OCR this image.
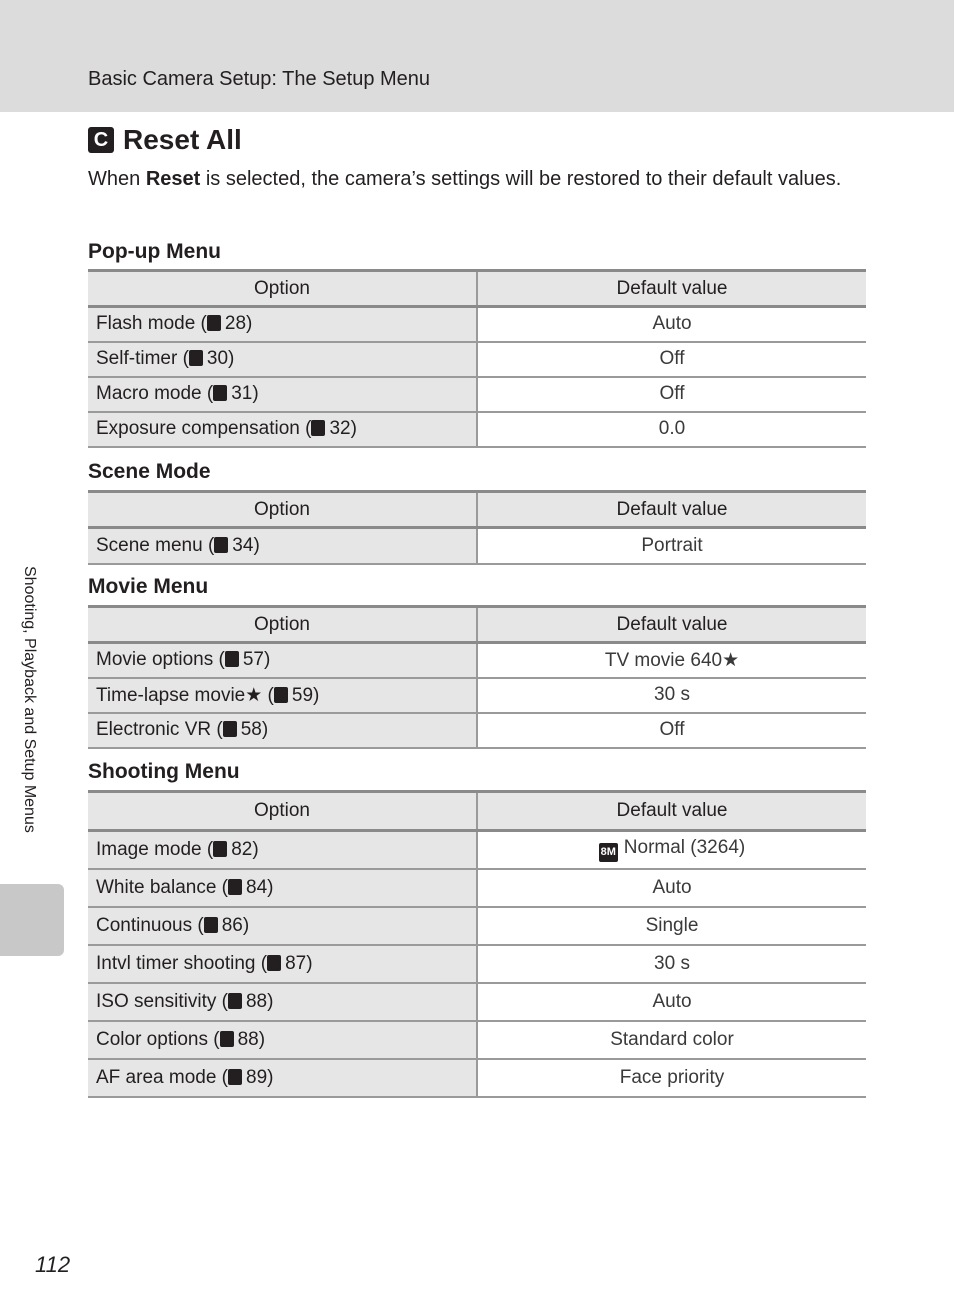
Basic Camera Setup: The Setup Menu
Shooting, Playback and Setup Menus
C Reset All
When Reset is selected, the camera’s settings will be restored to their default values.
Pop-up Menu
Option	Default value
Flash mode ( 28)	Auto
Self-timer ( 30)	Off
Macro mode ( 31)	Off
Exposure compensation ( 32)	0.0
Scene Mode
Option	Default value
Scene menu ( 34)	Portrait
Movie Menu
Option	Default value
Movie options ( 57)	TV movie 640★
Time-lapse movie★ ( 59)	30 s
Electronic VR ( 58)	Off
Shooting Menu
Option	Default value
Image mode ( 82)	8M Normal (3264)
White balance ( 84)	Auto
Continuous ( 86)	Single
Intvl timer shooting ( 87)	30 s
ISO sensitivity ( 88)	Auto
Color options ( 88)	Standard color
AF area mode ( 89)	Face priority
112
